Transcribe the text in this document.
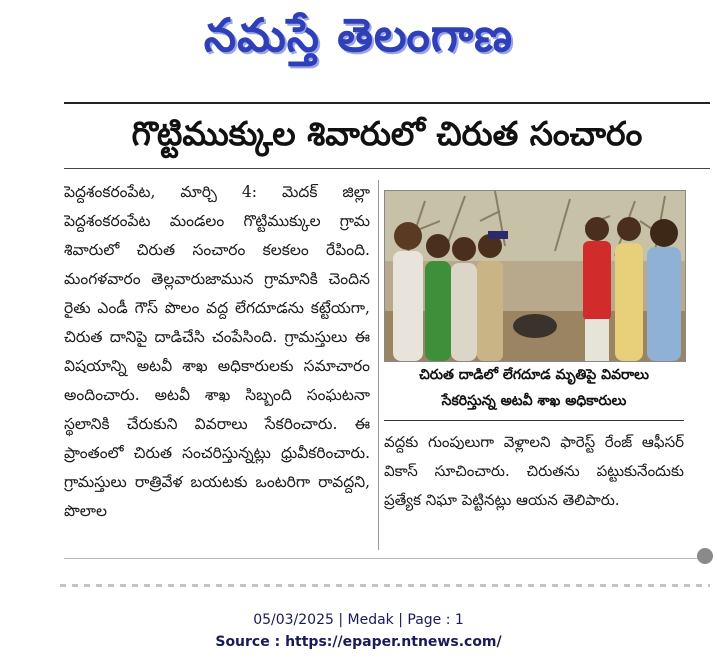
నమస్తే తెలంగాణ
గొట్టిముక్కుల శివారులో చిరుత సంచారం

పెద్దశంకరంపేట, మార్చి 4: మెదక్ జిల్లా పెద్దశంకరంపేట మండలం గొట్టిముక్కుల గ్రామ శివారులో చిరుత సంచారం కలకలం రేపింది. మంగళవారం తెల్లవారుజామున గ్రామానికి చెందిన రైతు ఎండీ గౌస్ పొలం వద్ద లేగదూడను కట్టేయగా, చిరుత దానిపై దాడిచేసి చంపేసింది. గ్రామస్తులు ఈ విషయాన్ని అటవీ శాఖ అధికారులకు సమాచారం అందించారు. అటవీ శాఖ సిబ్బంది సంఘటనా స్థలానికి చేరుకుని వివరాలు సేకరించారు. ఈ ప్రాంతంలో చిరుత సంచరిస్తున్నట్లు ధ్రువీకరించారు. గ్రామస్తులు రాత్రివేళ బయటకు ఒంటరిగా రావద్దని, పొలాల

చిరుత దాడిలో లేగదూడ మృతిపై వివరాలు
సేకరిస్తున్న అటవీ శాఖ అధికారులు

వద్దకు గుంపులుగా వెళ్లాలని ఫారెస్ట్ రేంజ్ ఆఫీసర్ వికాస్ సూచించారు. చిరుతను పట్టుకునేందుకు ప్రత్యేక నిఘా పెట్టినట్లు ఆయన తెలిపారు.

05/03/2025 | Medak | Page : 1
Source : https://epaper.ntnews.com/
